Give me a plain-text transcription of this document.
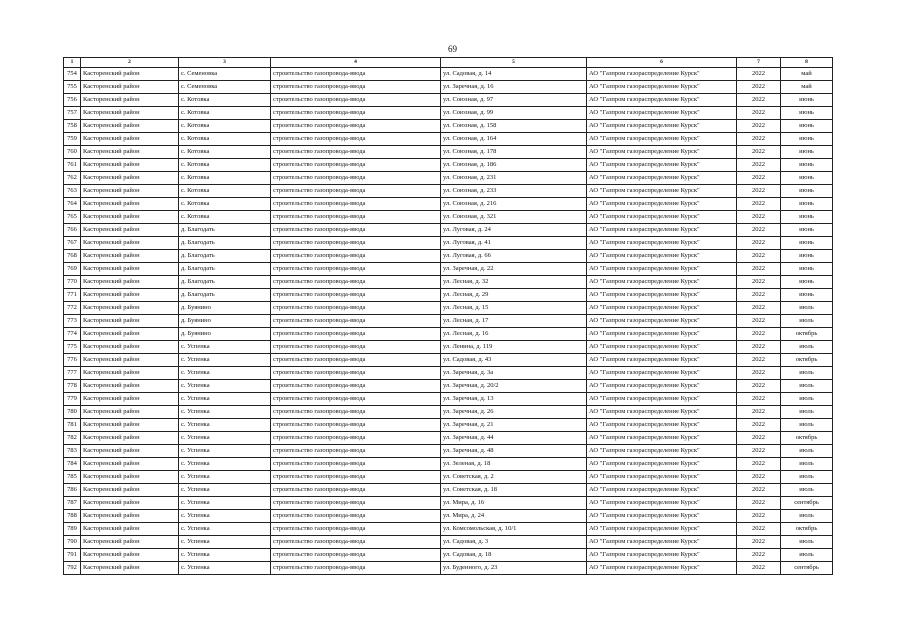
69
1	2	3	4	5	6	7	8
754	Касторенский район	с. Семеновка	строительство газопровода-ввода	ул. Садовая, д. 14	АО "Газпром газораспределение Курск"	2022	май
755	Касторенский район	с. Семеновка	строительство газопровода-ввода	ул. Заречная, д. 16	АО "Газпром газораспределение Курск"	2022	май
756	Касторенский район	с. Котовка	строительство газопровода-ввода	ул. Союзная, д. 97	АО "Газпром газораспределение Курск"	2022	июнь
757	Касторенский район	с. Котовка	строительство газопровода-ввода	ул. Союзная, д. 99	АО "Газпром газораспределение Курск"	2022	июнь
758	Касторенский район	с. Котовка	строительство газопровода-ввода	ул. Союзная, д. 158	АО "Газпром газораспределение Курск"	2022	июнь
759	Касторенский район	с. Котовка	строительство газопровода-ввода	ул. Союзная, д. 164	АО "Газпром газораспределение Курск"	2022	июнь
760	Касторенский район	с. Котовка	строительство газопровода-ввода	ул. Союзная, д. 178	АО "Газпром газораспределение Курск"	2022	июнь
761	Касторенский район	с. Котовка	строительство газопровода-ввода	ул. Союзная, д. 186	АО "Газпром газораспределение Курск"	2022	июнь
762	Касторенский район	с. Котовка	строительство газопровода-ввода	ул. Союзная, д. 231	АО "Газпром газораспределение Курск"	2022	июнь
763	Касторенский район	с. Котовка	строительство газопровода-ввода	ул. Союзная, д. 233	АО "Газпром газораспределение Курск"	2022	июнь
764	Касторенский район	с. Котовка	строительство газопровода-ввода	ул. Союзная, д. 216	АО "Газпром газораспределение Курск"	2022	июнь
765	Касторенский район	с. Котовка	строительство газопровода-ввода	ул. Союзная, д. 321	АО "Газпром газораспределение Курск"	2022	июнь
766	Касторенский район	д. Благодать	строительство газопровода-ввода	ул. Луговая, д. 24	АО "Газпром газораспределение Курск"	2022	июнь
767	Касторенский район	д. Благодать	строительство газопровода-ввода	ул. Луговая, д. 41	АО "Газпром газораспределение Курск"	2022	июнь
768	Касторенский район	д. Благодать	строительство газопровода-ввода	ул. Луговая, д. 66	АО "Газпром газораспределение Курск"	2022	июнь
769	Касторенский район	д. Благодать	строительство газопровода-ввода	ул. Заречная, д. 22	АО "Газпром газораспределение Курск"	2022	июнь
770	Касторенский район	д. Благодать	строительство газопровода-ввода	ул. Лесная, д. 32	АО "Газпром газораспределение Курск"	2022	июнь
771	Касторенский район	д. Благодать	строительство газопровода-ввода	ул. Лесная, д. 29	АО "Газпром газораспределение Курск"	2022	июнь
772	Касторенский район	д. Буянино	строительство газопровода-ввода	ул. Лесная, д. 15	АО "Газпром газораспределение Курск"	2022	июль
773	Касторенский район	д. Буянино	строительство газопровода-ввода	ул. Лесная, д. 17	АО "Газпром газораспределение Курск"	2022	июль
774	Касторенский район	д. Буянино	строительство газопровода-ввода	ул. Лесная, д. 16	АО "Газпром газораспределение Курск"	2022	октябрь
775	Касторенский район	с. Успенка	строительство газопровода-ввода	ул. Ленина, д. 119	АО "Газпром газораспределение Курск"	2022	июль
776	Касторенский район	с. Успенка	строительство газопровода-ввода	ул. Садовая, д. 43	АО "Газпром газораспределение Курск"	2022	октябрь
777	Касторенский район	с. Успенка	строительство газопровода-ввода	ул. Заречная, д. 3а	АО "Газпром газораспределение Курск"	2022	июль
778	Касторенский район	с. Успенка	строительство газопровода-ввода	ул. Заречная, д. 20/2	АО "Газпром газораспределение Курск"	2022	июль
779	Касторенский район	с. Успенка	строительство газопровода-ввода	ул. Заречная, д. 13	АО "Газпром газораспределение Курск"	2022	июль
780	Касторенский район	с. Успенка	строительство газопровода-ввода	ул. Заречная, д. 26	АО "Газпром газораспределение Курск"	2022	июль
781	Касторенский район	с. Успенка	строительство газопровода-ввода	ул. Заречная, д. 21	АО "Газпром газораспределение Курск"	2022	июль
782	Касторенский район	с. Успенка	строительство газопровода-ввода	ул. Заречная, д. 44	АО "Газпром газораспределение Курск"	2022	октябрь
783	Касторенский район	с. Успенка	строительство газопровода-ввода	ул. Заречная, д. 48	АО "Газпром газораспределение Курск"	2022	июль
784	Касторенский район	с. Успенка	строительство газопровода-ввода	ул. Зеленая, д. 18	АО "Газпром газораспределение Курск"	2022	июль
785	Касторенский район	с. Успенка	строительство газопровода-ввода	ул. Советская, д. 2	АО "Газпром газораспределение Курск"	2022	июль
786	Касторенский район	с. Успенка	строительство газопровода-ввода	ул. Советская, д. 18	АО "Газпром газораспределение Курск"	2022	июль
787	Касторенский район	с. Успенка	строительство газопровода-ввода	ул. Мира, д. 16	АО "Газпром газораспределение Курск"	2022	сентябрь
788	Касторенский район	с. Успенка	строительство газопровода-ввода	ул. Мира, д. 24	АО "Газпром газораспределение Курск"	2022	июль
789	Касторенский район	с. Успенка	строительство газопровода-ввода	ул. Комсомольская, д. 10/1	АО "Газпром газораспределение Курск"	2022	октябрь
790	Касторенский район	с. Успенка	строительство газопровода-ввода	ул. Садовая, д. 3	АО "Газпром газораспределение Курск"	2022	июль
791	Касторенский район	с. Успенка	строительство газопровода-ввода	ул. Садовая, д. 18	АО "Газпром газораспределение Курск"	2022	июль
792	Касторенский район	с. Успенка	строительство газопровода-ввода	ул. Буденного, д. 23	АО "Газпром газораспределение Курск"	2022	сентябрь
